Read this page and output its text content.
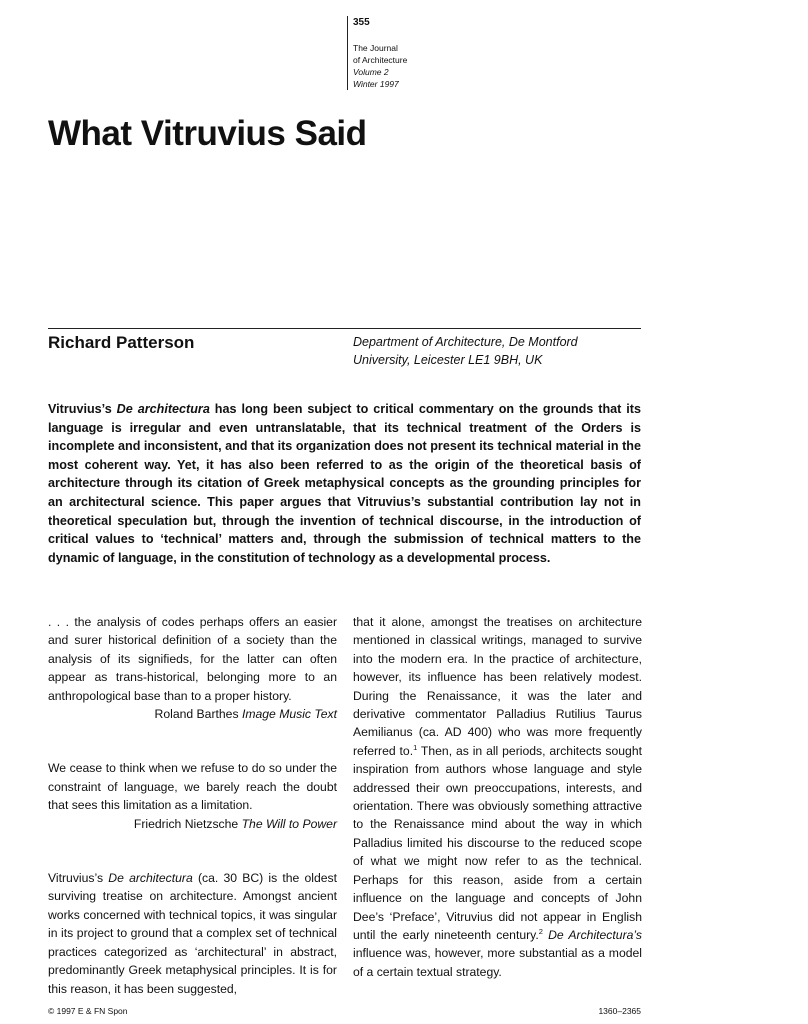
355
The Journal
of Architecture
Volume 2
Winter 1997
What Vitruvius Said
Richard Patterson	Department of Architecture, De Montford
University, Leicester LE1 9BH, UK

Vitruvius’s De architectura has long been subject to critical commentary on the grounds that its language is irregular and even untranslatable, that its technical treatment of the Orders is incomplete and inconsistent, and that its organization does not present its technical material in the most coherent way. Yet, it has also been referred to as the origin of the theoretical basis of architecture through its citation of Greek metaphysical concepts as the grounding principles for an architectural science. This paper argues that Vitruvius’s substantial contribution lay not in theoretical speculation but, through the invention of technical discourse, in the introduction of critical values to ‘technical’ matters and, through the submission of technical matters to the dynamic of language, in the constitution of technology as a developmental process.

. . . the analysis of codes perhaps offers an easier and surer historical definition of a society than the analysis of its signifieds, for the latter can often appear as trans-historical, belonging more to an anthropological base than to a proper history.

Roland Barthes Image Music Text

We cease to think when we refuse to do so under the constraint of language, we barely reach the doubt that sees this limitation as a limitation.

Friedrich Nietzsche The Will to Power

Vitruvius’s De architectura (ca. 30 BC) is the oldest surviving treatise on architecture. Amongst ancient works concerned with technical topics, it was singular in its project to ground that a complex set of technical practices categorized as ‘architectural’ in abstract, predominantly Greek metaphysical principles. It is for this reason, it has been suggested,

that it alone, amongst the treatises on architecture mentioned in classical writings, managed to survive into the modern era. In the practice of architecture, however, its influence has been relatively modest. During the Renaissance, it was the later and derivative commentator Palladius Rutilius Taurus Aemilianus (ca. AD 400) who was more frequently referred to.$^1$ Then, as in all periods, architects sought inspiration from authors whose language and style addressed their own preoccupations, interests, and orientation. There was obviously something attractive to the Renaissance mind about the way in which Palladius limited his discourse to the reduced scope of what we might now refer to as the technical. Perhaps for this reason, aside from a certain influence on the language and concepts of John Dee’s ‘Preface’, Vitruvius did not appear in English until the early nineteenth century.$^2$ De Architectura’s influence was, however, more substantial as a model of a certain textual strategy.

© 1997 E & FN Spon	1360–2365
